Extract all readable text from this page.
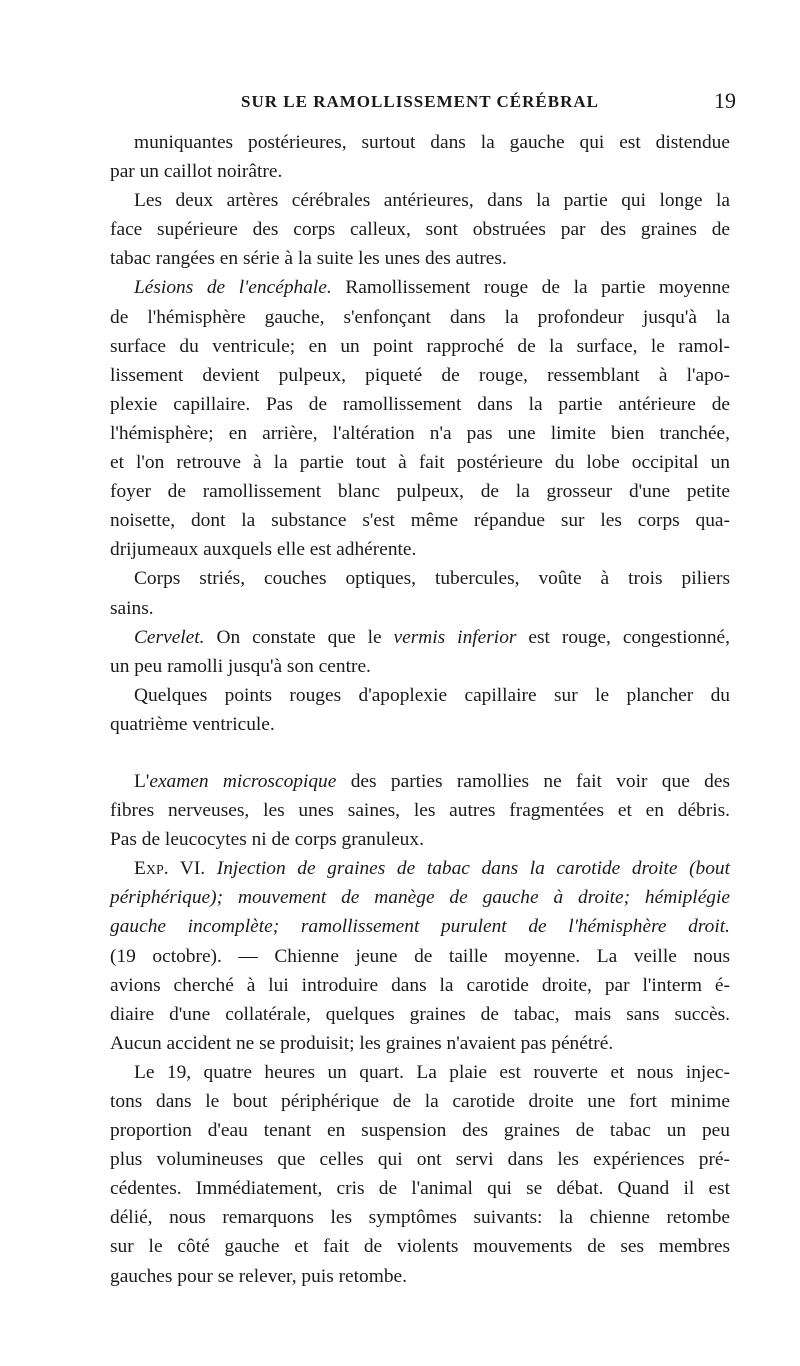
SUR LE RAMOLLISSEMENT CÉRÉBRAL	19
muniquantes postérieures, surtout dans la gauche qui est distendue
par un caillot noirâtre.
Les deux artères cérébrales antérieures, dans la partie qui longe la
face supérieure des corps calleux, sont obstruées par des graines de
tabac rangées en série à la suite les unes des autres.
Lésions de l'encéphale. Ramollissement rouge de la partie moyenne
de l'hémisphère gauche, s'enfonçant dans la profondeur jusqu'à la
surface du ventricule; en un point rapproché de la surface, le ramol-
lissement devient pulpeux, piqueté de rouge, ressemblant à l'apo-
plexie capillaire. Pas de ramollissement dans la partie antérieure de
l'hémisphère; en arrière, l'altération n'a pas une limite bien tranchée,
et l'on retrouve à la partie tout à fait postérieure du lobe occipital un
foyer de ramollissement blanc pulpeux, de la grosseur d'une petite
noisette, dont la substance s'est même répandue sur les corps qua-
drijumeaux auxquels elle est adhérente.
Corps striés, couches optiques, tubercules, voûte à trois piliers
sains.
Cervelet. On constate que le vermis inferior est rouge, congestionné,
un peu ramolli jusqu'à son centre.
Quelques points rouges d'apoplexie capillaire sur le plancher du
quatrième ventricule.
L'examen microscopique des parties ramollies ne fait voir que des
fibres nerveuses, les unes saines, les autres fragmentées et en débris.
Pas de leucocytes ni de corps granuleux.
Exp. VI. Injection de graines de tabac dans la carotide droite (bout
périphérique); mouvement de manège de gauche à droite; hémiplégie
gauche incomplète; ramollissement purulent de l'hémisphère droit.
(19 octobre). — Chienne jeune de taille moyenne. La veille nous
avions cherché à lui introduire dans la carotide droite, par l'interm é-
diaire d'une collatérale, quelques graines de tabac, mais sans succès.
Aucun accident ne se produisit; les graines n'avaient pas pénétré.
Le 19, quatre heures un quart. La plaie est rouverte et nous injec-
tons dans le bout périphérique de la carotide droite une fort minime
proportion d'eau tenant en suspension des graines de tabac un peu
plus volumineuses que celles qui ont servi dans les expériences pré-
cédentes. Immédiatement, cris de l'animal qui se débat. Quand il est
délié, nous remarquons les symptômes suivants: la chienne retombe
sur le côté gauche et fait de violents mouvements de ses membres
gauches pour se relever, puis retombe.
